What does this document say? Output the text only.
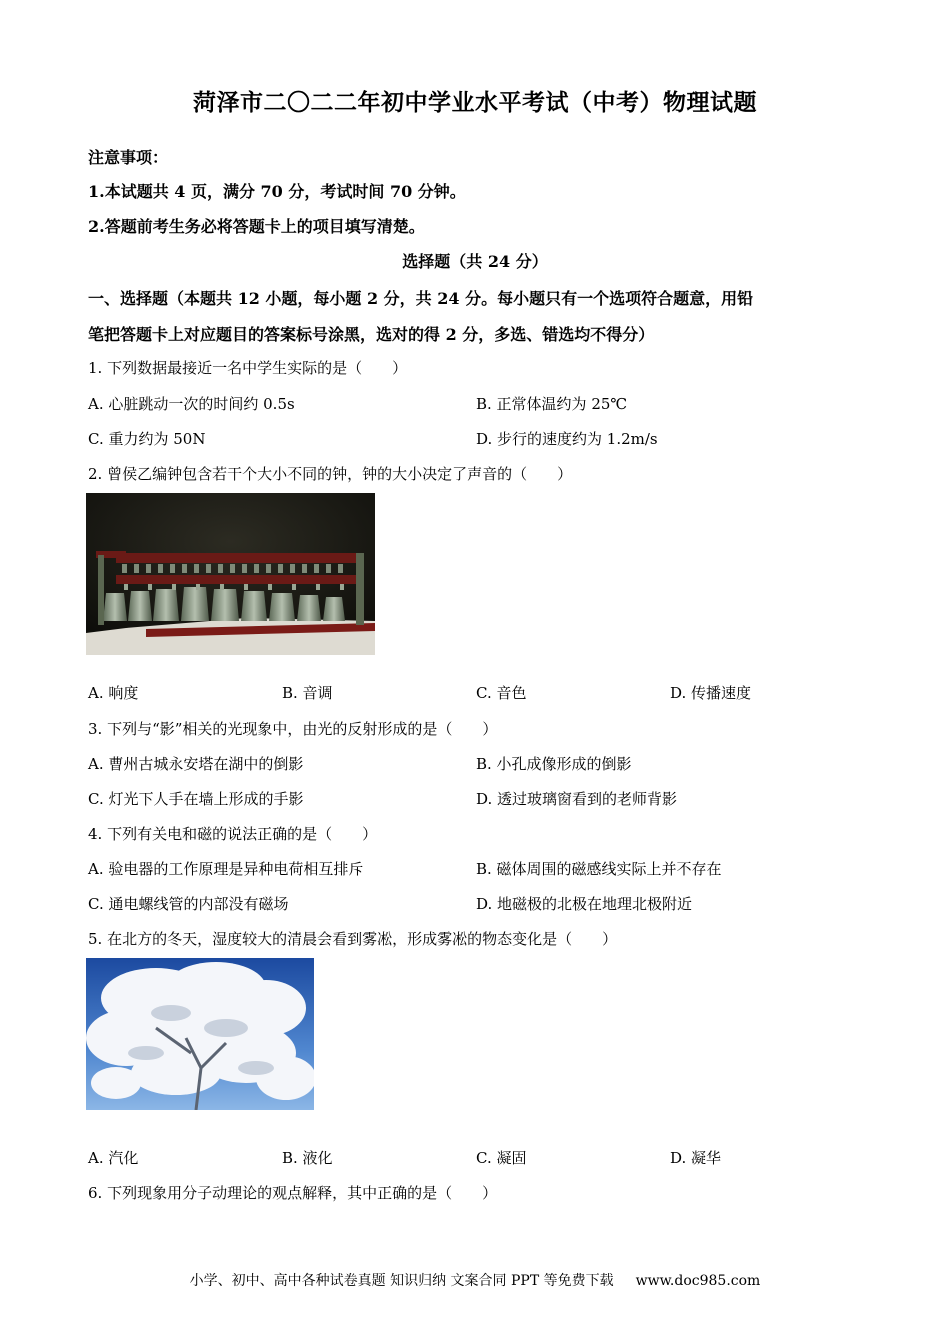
菏泽市二〇二二年初中学业水平考试（中考）物理试题
注意事项：
1.本试题共 4 页，满分 70 分，考试时间 70 分钟。
2.答题前考生务必将答题卡上的项目填写清楚。
选择题（共 24 分）
一、选择题（本题共 12 小题，每小题 2 分，共 24 分。每小题只有一个选项符合题意，用铅
笔把答题卡上对应题目的答案标号涂黑，选对的得 2 分，多选、错选均不得分）
1. 下列数据最接近一名中学生实际的是（　　）
A. 心脏跳动一次的时间约 0.5s	B. 正常体温约为 25℃
C. 重力约为 50N	D. 步行的速度约为 1.2m/s
2. 曾侯乙编钟包含若干个大小不同的钟，钟的大小决定了声音的（　　）
A. 响度	B. 音调	C. 音色	D. 传播速度
3. 下列与“影”相关的光现象中，由光的反射形成的是（　　）
A. 曹州古城永安塔在湖中的倒影	B. 小孔成像形成的倒影
C. 灯光下人手在墙上形成的手影	D. 透过玻璃窗看到的老师背影
4. 下列有关电和磁的说法正确的是（　　）
A. 验电器的工作原理是异种电荷相互排斥	B. 磁体周围的磁感线实际上并不存在
C. 通电螺线管的内部没有磁场	D. 地磁极的北极在地理北极附近
5. 在北方的冬天，湿度较大的清晨会看到雾凇，形成雾凇的物态变化是（　　）
A. 汽化	B. 液化	C. 凝固	D. 凝华
6. 下列现象用分子动理论的观点解释，其中正确的是（　　）
小学、初中、高中各种试卷真题 知识归纳 文案合同 PPT 等免费下载 www.doc985.com
